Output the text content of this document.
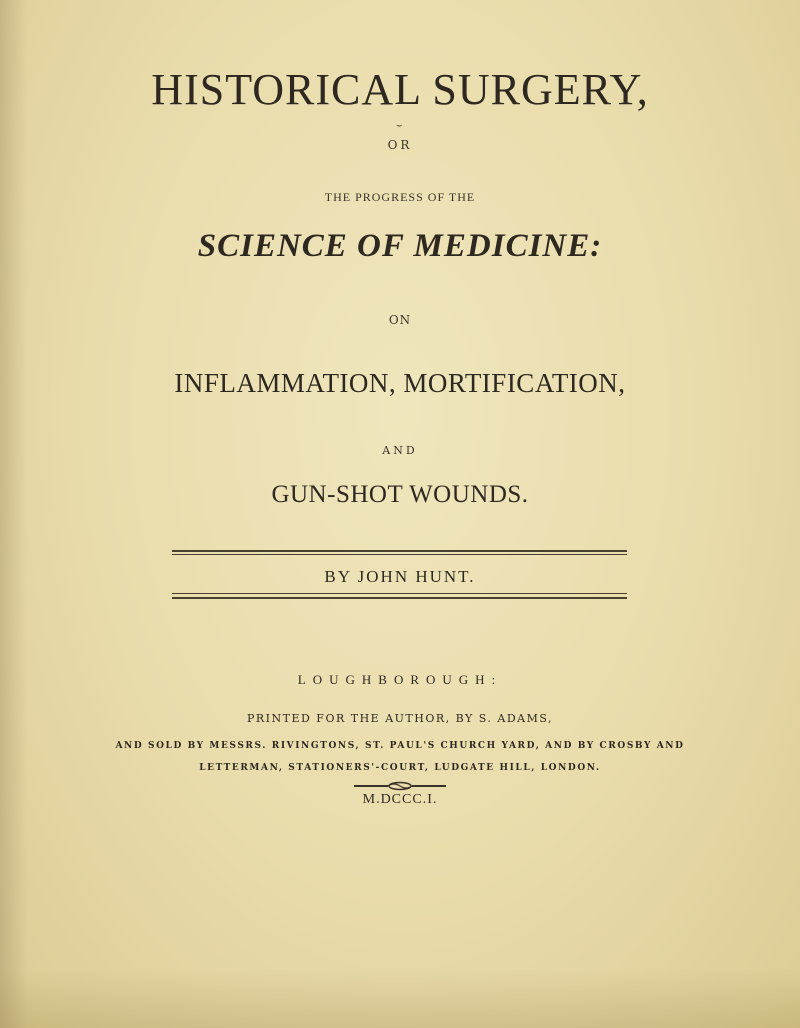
HISTORICAL SURGERY,
⌣
OR
THE PROGRESS OF THE
SCIENCE OF MEDICINE:
ON
INFLAMMATION, MORTIFICATION,
AND
GUN-SHOT WOUNDS.
BY JOHN HUNT.
LOUGHBOROUGH:
PRINTED FOR THE AUTHOR, BY S. ADAMS,
AND SOLD BY MESSRS. RIVINGTONS, ST. PAUL'S CHURCH YARD, AND BY CROSBY AND
LETTERMAN, STATIONERS'-COURT, LUDGATE HILL, LONDON.
M.DCCC.I.
